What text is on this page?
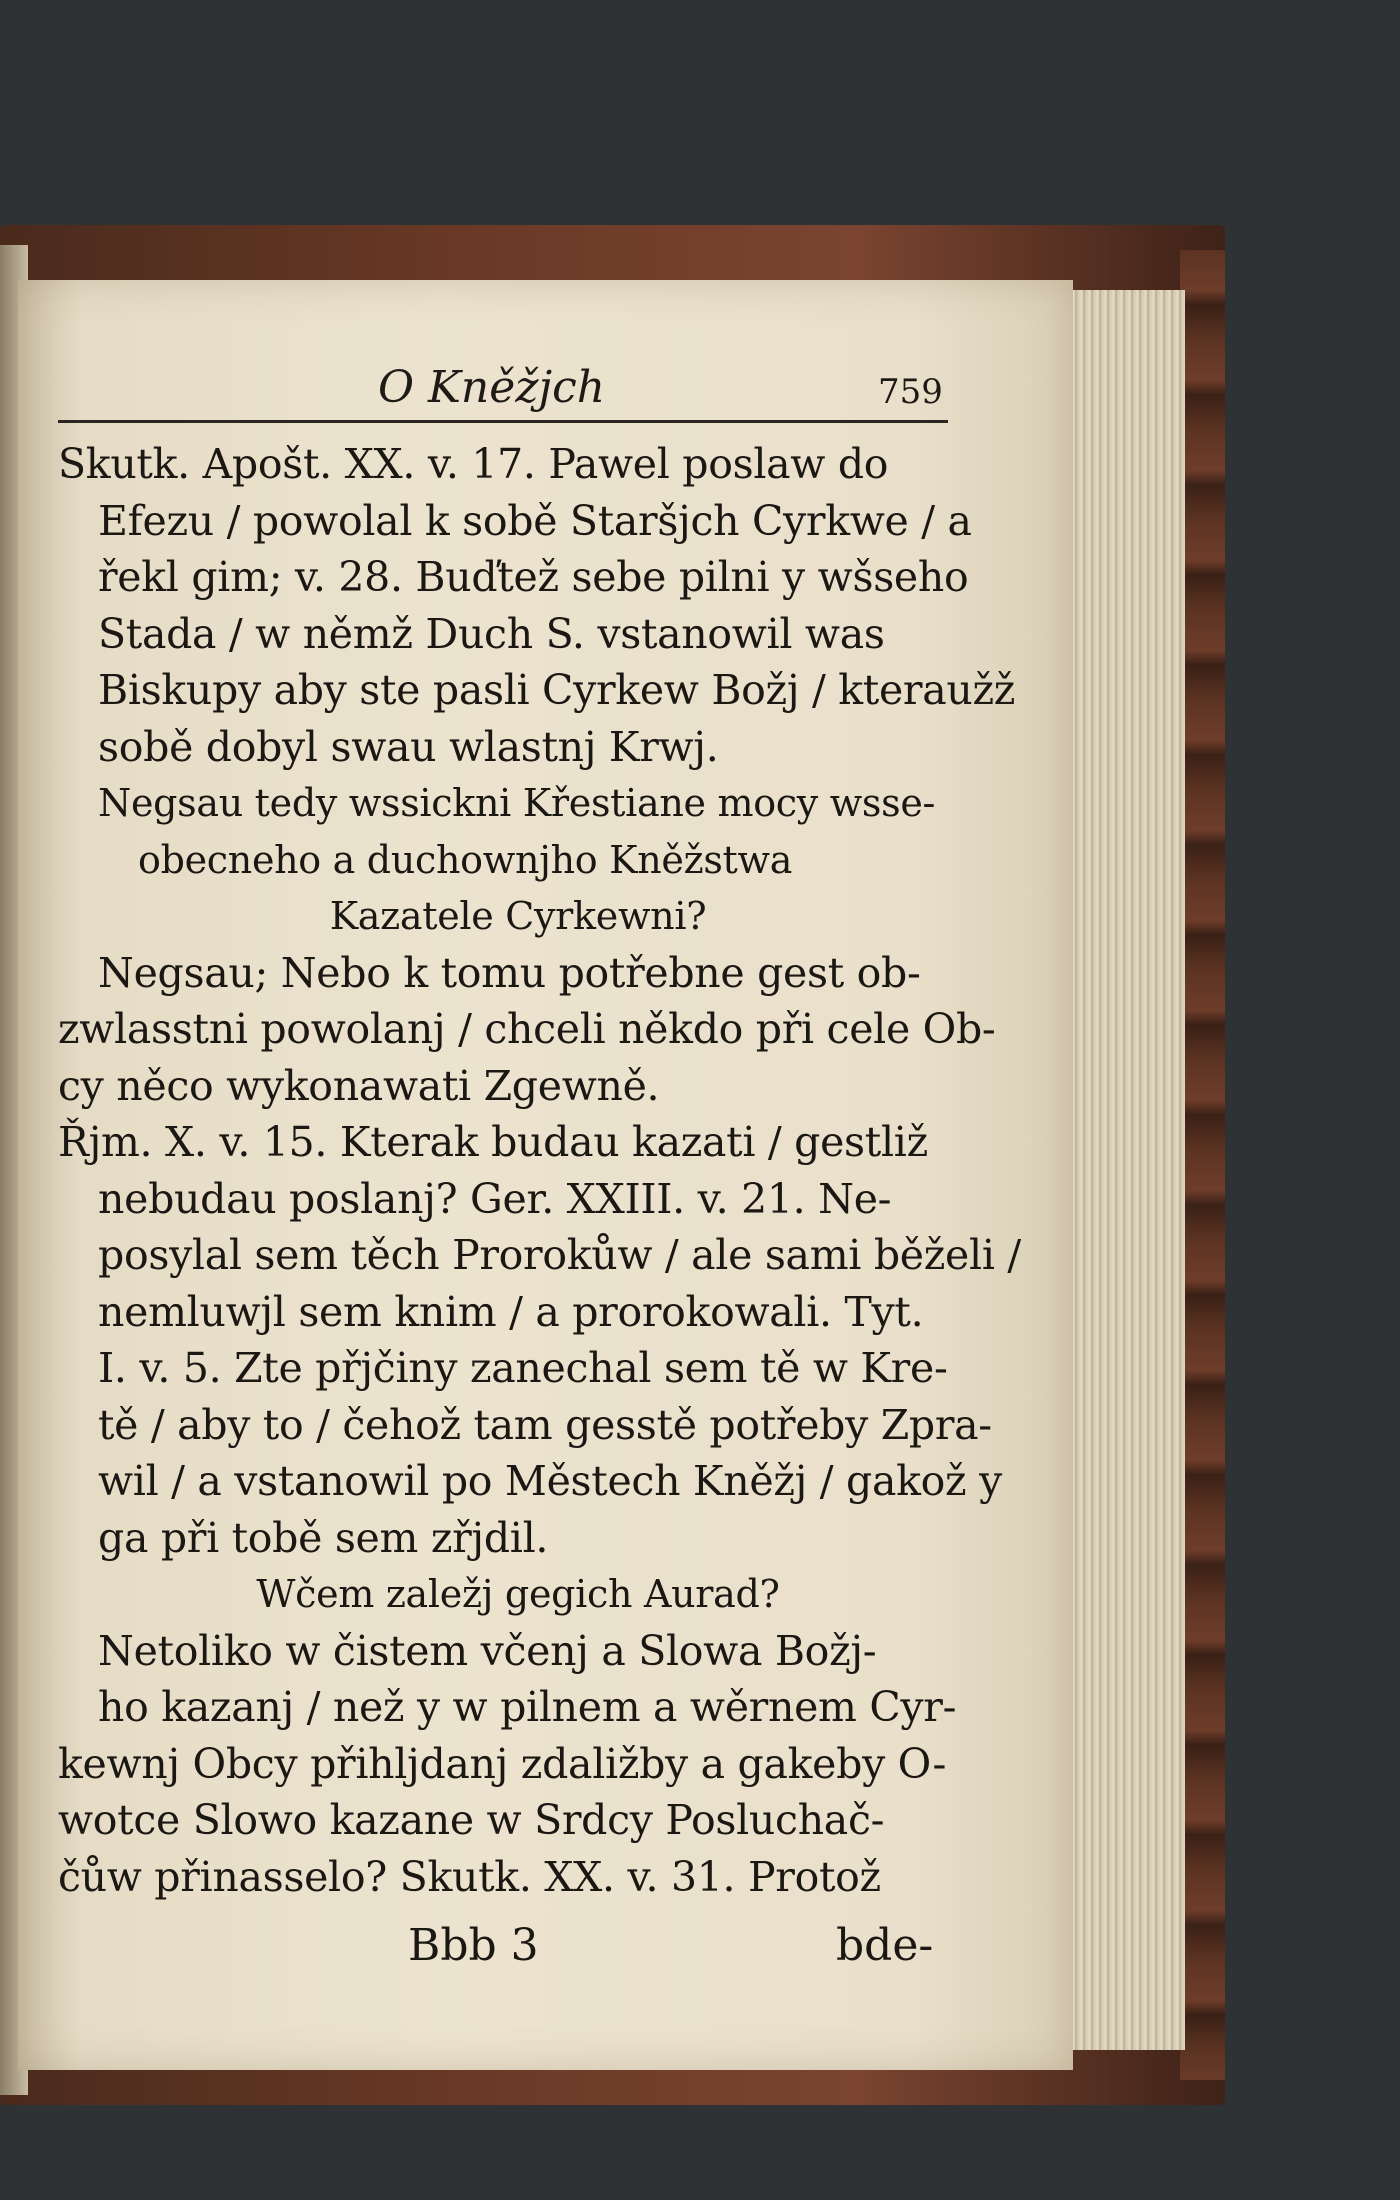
O Kněžjch	759
Skutk. Apošt. XX. v. 17. Pawel poslaw do
Efezu / powolal k sobě Staršjch Cyrkwe / a
řekl gim; v. 28. Buďtež sebe pilni y wšseho
Stada / w němž Duch S. vstanowil was
Biskupy aby ste pasli Cyrkew Božj / kteraužž
sobě dobyl swau wlastnj Krwj.
Negsau tedy wssickni Křestiane mocy wsse-
obecneho a duchownjho Kněžstwa
Kazatele Cyrkewni?
Negsau; Nebo k tomu potřebne gest ob-
zwlasstni powolanj / chceli někdo při cele Ob-
cy něco wykonawati Zgewně.
Řjm. X. v. 15. Kterak budau kazati / gestliž
nebudau poslanj? Ger. XXIII. v. 21. Ne-
posylal sem těch Prorokůw / ale sami běželi /
nemluwjl sem knim / a prorokowali. Tyt.
I. v. 5. Zte přjčiny zanechal sem tě w Kre-
tě / aby to / čehož tam gesstě potřeby Zpra-
wil / a vstanowil po Městech Kněžj / gakož y
ga při tobě sem zřjdil.
Wčem zaležj gegich Aurad?
Netoliko w čistem včenj a Slowa Božj-
ho kazanj / než y w pilnem a wěrnem Cyr-
kewnj Obcy přihljdanj zdaližby a gakeby O-
wotce Slowo kazane w Srdcy Posluchač-
čůw přinasselo? Skutk. XX. v. 31. Protož
Bbb 3	bde-
